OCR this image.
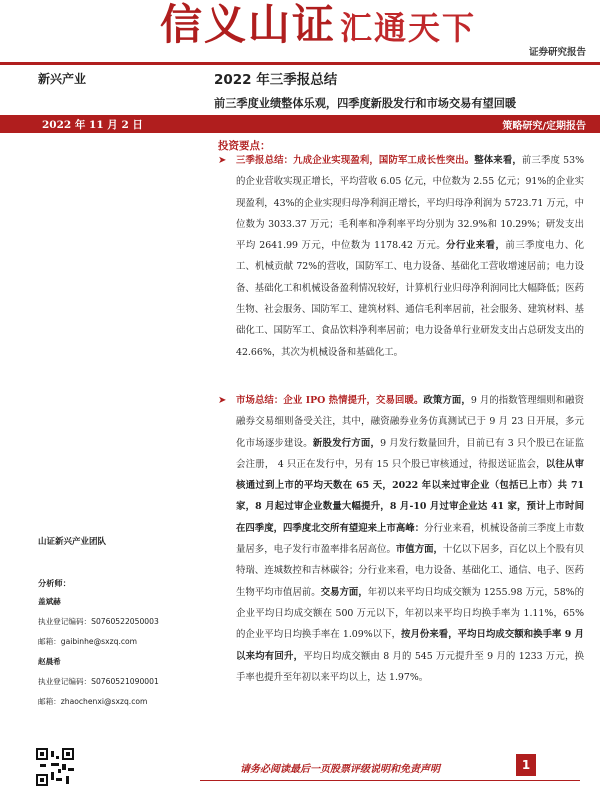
信义山证 汇通天下
证券研究报告
新兴产业	2022 年三季报总结
前三季度业绩整体乐观，四季度新股发行和市场交易有望回暖
2022 年 11 月 2 日	策略研究/定期报告
山证新兴产业团队
分析师：
盖斌赫
执业登记编码：S0760522050003
邮箱：gaibinhe@sxzq.com
赵晨希
执业登记编码：S0760521090001
邮箱：zhaochenxi@sxzq.com
投资要点：
➤	三季报总结：九成企业实现盈利，国防军工成长性突出。整体来看，前三季度 53%的企业营收实现正增长，平均营收 6.05 亿元，中位数为 2.55 亿元；91%的企业实现盈利，43%的企业实现归母净利润正增长，平均归母净利润为 5723.71 万元，中位数为 3033.37 万元；毛利率和净利率平均分别为 32.9%和 10.29%；研发支出平均 2641.99 万元，中位数为 1178.42 万元。分行业来看，前三季度电力、化工、机械贡献 72%的营收，国防军工、电力设备、基础化工营收增速居前；电力设备、基础化工和机械设备盈利情况较好，计算机行业归母净利润同比大幅降低；医药生物、社会服务、国防军工、建筑材料、通信毛利率居前，社会服务、建筑材料、基础化工、国防军工、食品饮料净利率居前；电力设备单行业研发支出占总研发支出的 42.66%，其次为机械设备和基础化工。
➤	市场总结：企业 IPO 热情提升，交易回暖。政策方面，9 月的指数管理细则和融资融券交易细则备受关注，其中，融资融券业务仿真测试已于 9 月 23 日开展，多元化市场逐步建设。新股发行方面，9 月发行数量回升，目前已有 3 只个股已在证监会注册， 4 只正在发行中，另有 15 只个股已审核通过，待报送证监会，以往从审核通过到上市的平均天数在 65 天，2022 年以来过审企业（包括已上市）共 71 家，8 月起过审企业数量大幅提升，8 月-10 月过审企业达 41 家，预计上市时间在四季度，四季度北交所有望迎来上市高峰：分行业来看，机械设备前三季度上市数量居多，电子发行市盈率排名居高位。市值方面，十亿以下居多，百亿以上个股有贝特瑞、连城数控和吉林碳谷；分行业来看，电力设备、基础化工、通信、电子、医药生物平均市值居前。交易方面，年初以来平均日均成交额为 1255.98 万元，58%的企业平均日均成交额在 500 万元以下，年初以来平均日均换手率为 1.11%，65%的企业平均日均换手率在 1.09%以下，按月份来看，平均日均成交额和换手率 9 月以来均有回升，平均日均成交额由 8 月的 545 万元提升至 9 月的 1233 万元，换手率也提升至年初以来平均以上，达 1.97%。
请务必阅读最后一页股票评级说明和免责声明	1
